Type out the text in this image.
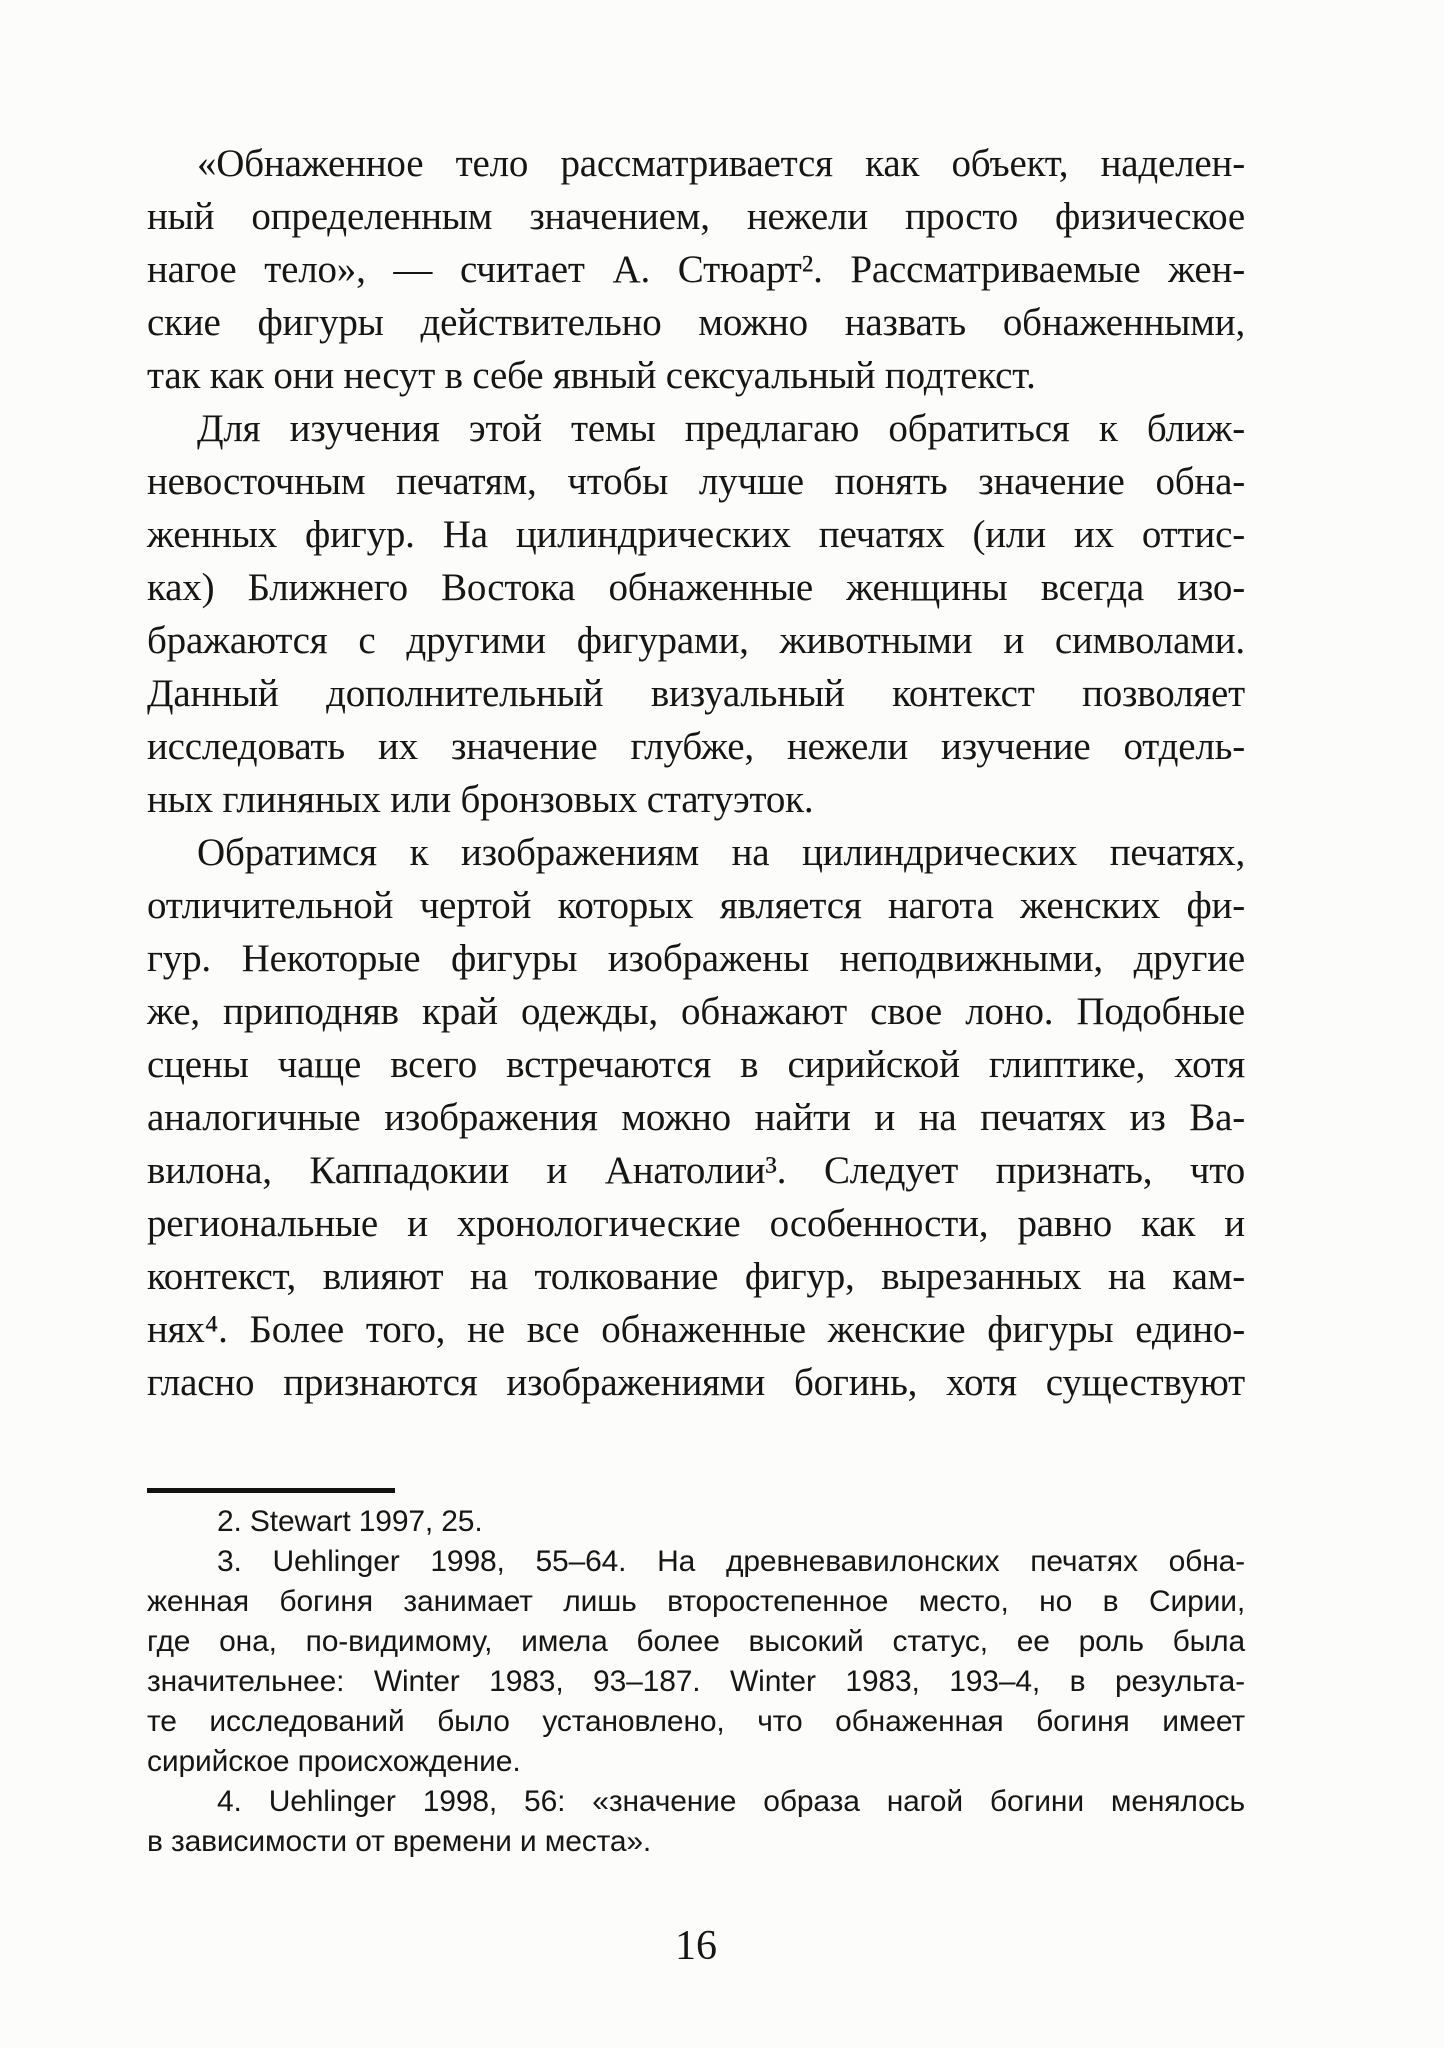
«Обнаженное тело рассматривается как объект, наделен-

ный определенным значением, нежели просто физическое

нагое тело», — считает А. Стюарт². Рассматриваемые жен-

ские фигуры действительно можно назвать обнаженными,

так как они несут в себе явный сексуальный подтекст.

Для изучения этой темы предлагаю обратиться к ближ-

невосточным печатям, чтобы лучше понять значение обна-

женных фигур. На цилиндрических печатях (или их оттис-

ках) Ближнего Востока обнаженные женщины всегда изо-

бражаются с другими фигурами, животными и символами.

Данный дополнительный визуальный контекст позволяет

исследовать их значение глубже, нежели изучение отдель-

ных глиняных или бронзовых статуэток.

Обратимся к изображениям на цилиндрических печатях,

отличительной чертой которых является нагота женских фи-

гур. Некоторые фигуры изображены неподвижными, другие

же, приподняв край одежды, обнажают свое лоно. Подобные

сцены чаще всего встречаются в сирийской глиптике, хотя

аналогичные изображения можно найти и на печатях из Ва-

вилона, Каппадокии и Анатолии³. Следует признать, что

региональные и хронологические особенности, равно как и

контекст, влияют на толкование фигур, вырезанных на кам-

нях⁴. Более того, не все обнаженные женские фигуры едино-

гласно признаются изображениями богинь, хотя существуют

2. Stewart 1997, 25.

3. Uehlinger 1998, 55–64. На древневавилонских печатях обна-

женная богиня занимает лишь второстепенное место, но в Сирии,

где она, по-видимому, имела более высокий статус, ее роль была

значительнее: Winter 1983, 93–187. Winter 1983, 193–4, в результа-

те исследований было установлено, что обнаженная богиня имеет

сирийское происхождение.

4. Uehlinger 1998, 56: «значение образа нагой богини менялось

в зависимости от времени и места».

16
